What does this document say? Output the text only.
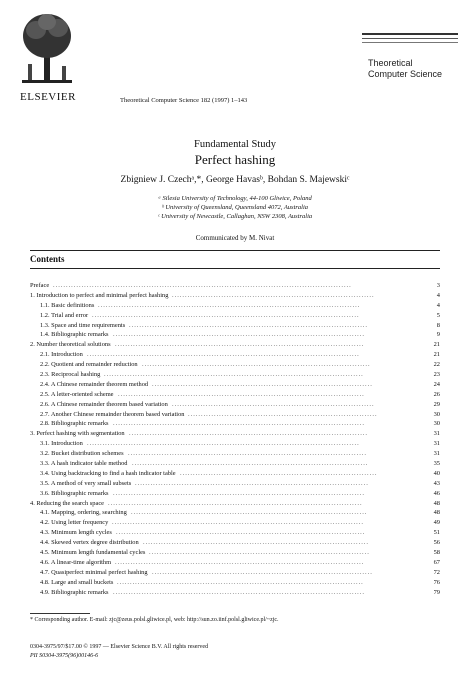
ELSEVIER	Theoretical Computer Science 182 (1997) 1–143
Theoretical
Computer Science
Fundamental Study
Perfect hashing
Zbigniew J. Czechᵃ,*, George Havasᵇ, Bohdan S. Majewskiᶜ
ᵃ Silesia University of Technology, 44-100 Gliwice, Poland
ᵇ University of Queensland, Queensland 4072, Australia
ᶜ University of Newcastle, Callaghan, NSW 2308, Australia
Communicated by M. Nivat
Contents
...................................................................................................................
Preface	3
..............................................................................
1. Introduction to perfect and minimal perfect hashing	4
.....................................................................................................
1.1. Basic definitions	4
.......................................................................................................
1.2. Trial and error	5
............................................................................................
1.3. Space and time requirements	8
.................................................................................................
1.4. Bibliographic remarks	9
................................................................................................
2. Number theoretical solutions	21
.........................................................................................................
2.1. Introduction	21
........................................................................................
2.2. Quotient and remainder reduction	22
....................................................................................................
2.3. Reciprocal hashing	23
.....................................................................................
2.4. A Chinese remainder theorem method	24
...............................................................................................
2.5. A letter-oriented scheme	26
..............................................................................
2.6. A Chinese remainder theorem based variation	29
.........................................................................
2.7. Another Chinese remainder theorem based variation	30
.................................................................................................
2.8. Bibliographic remarks	30
............................................................................................
3. Perfect hashing with segmentation	31
.........................................................................................................
3.1. Introduction	31
............................................................................................
3.2. Bucket distribution schemes	31
...........................................................................................
3.3. A hash indicator table method	35
............................................................................
3.4. Using backtracking to find a hash indicator table	40
..........................................................................................
3.5. A method of very small subsets	43
.................................................................................................
3.6. Bibliographic remarks	46
..................................................................................................
4. Reducing the search space	48
...........................................................................................
4.1. Mapping, ordering, searching	48
.................................................................................................
4.2. Using letter frequency	49
................................................................................................
4.3. Minimum length cycles	51
.......................................................................................
4.4. Skewed vertex degree distribution	56
.....................................................................................
4.5. Minimum length fundamental cycles	58
................................................................................................
4.6. A linear-time algorithm	67
.....................................................................................
4.7. Quasiperfect minimal perfect hashing	72
...............................................................................................
4.8. Large and small buckets	76
.................................................................................................
4.9. Bibliographic remarks	79
* Corresponding author. E-mail: zjc@zeus.polsl.gliwice.pl, web: http://sun.zo.iinf.polsl.gliwice.pl/~zjc.
0304-3975/97/$17.00 © 1997 — Elsevier Science B.V. All rights reserved
PII S0304-3975(96)00146-6
